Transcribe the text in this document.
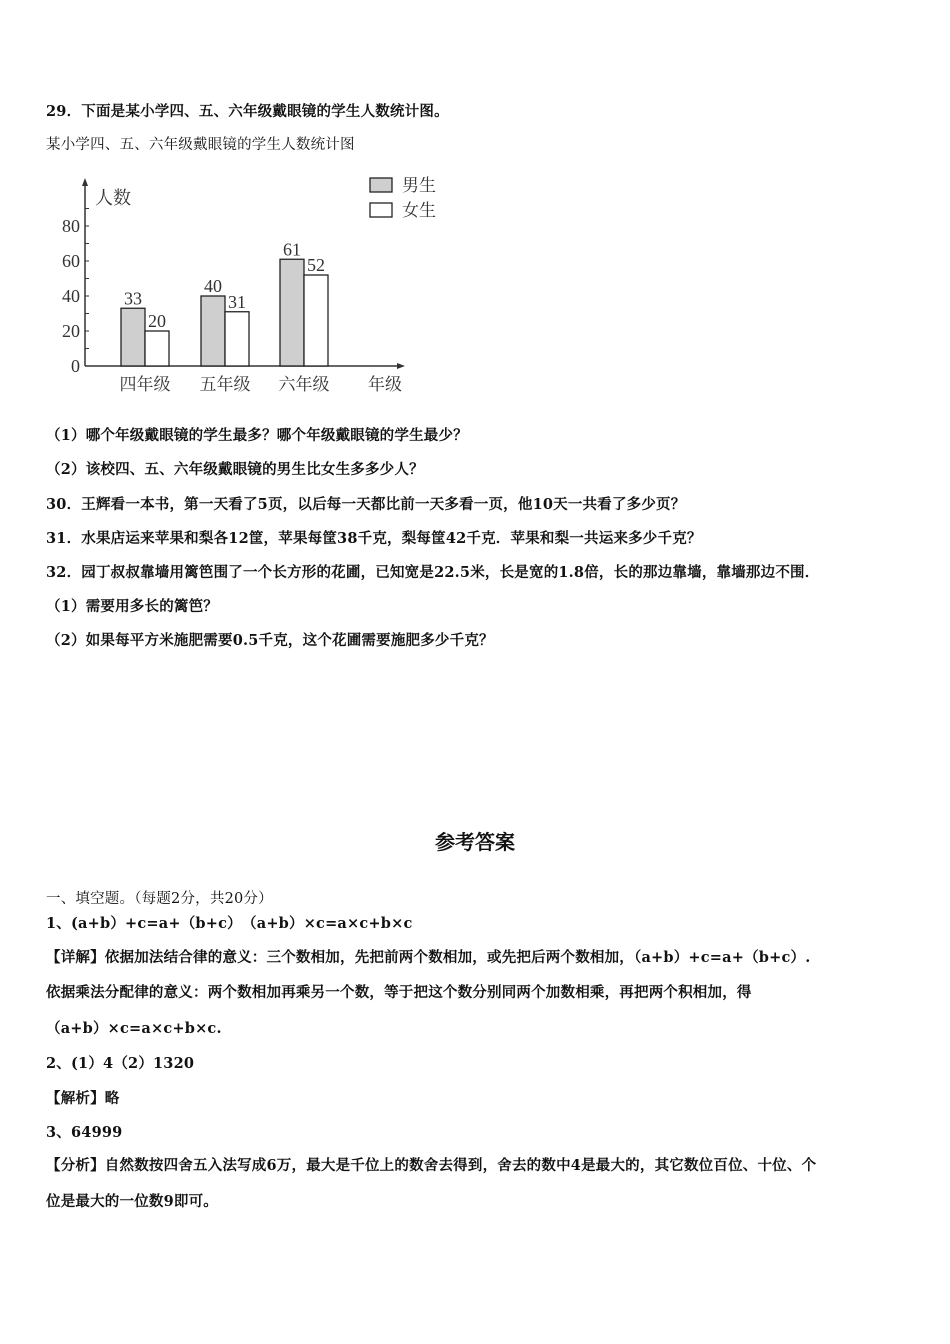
29．下面是某小学四、五、六年级戴眼镜的学生人数统计图。
某小学四、五、六年级戴眼镜的学生人数统计图
0
20
40
60
80
人数
四年级 五年级 六年级 年级
33
20
40
31
61
52
男生
女生
（1）哪个年级戴眼镜的学生最多？哪个年级戴眼镜的学生最少？
（2）该校四、五、六年级戴眼镜的男生比女生多多少人？
30．王辉看一本书，第一天看了5页，以后每一天都比前一天多看一页，他10天一共看了多少页？
31．水果店运来苹果和梨各12筐，苹果每筐38千克，梨每筐42千克．苹果和梨一共运来多少千克？
32．园丁叔叔靠墙用篱笆围了一个长方形的花圃，已知宽是22.5米，长是宽的1.8倍，长的那边靠墙，靠墙那边不围．
（1）需要用多长的篱笆？
（2）如果每平方米施肥需要0.5千克，这个花圃需要施肥多少千克？
参考答案
一、填空题。（每题2分，共20分）
1、(a+b）+c=a+（b+c）　（a+b）×c=a×c+b×c
【详解】依据加法结合律的意义：三个数相加，先把前两个数相加，或先把后两个数相加，（a+b）+c=a+（b+c）.
依据乘法分配律的意义：两个数相加再乘另一个数，等于把这个数分别同两个加数相乘，再把两个积相加，得
（a+b）×c=a×c+b×c.
2、(1）4（2）1320
【解析】略
3、64999
【分析】自然数按四舍五入法写成6万，最大是千位上的数舍去得到，舍去的数中4是最大的，其它数位百位、十位、个
位是最大的一位数9即可。
